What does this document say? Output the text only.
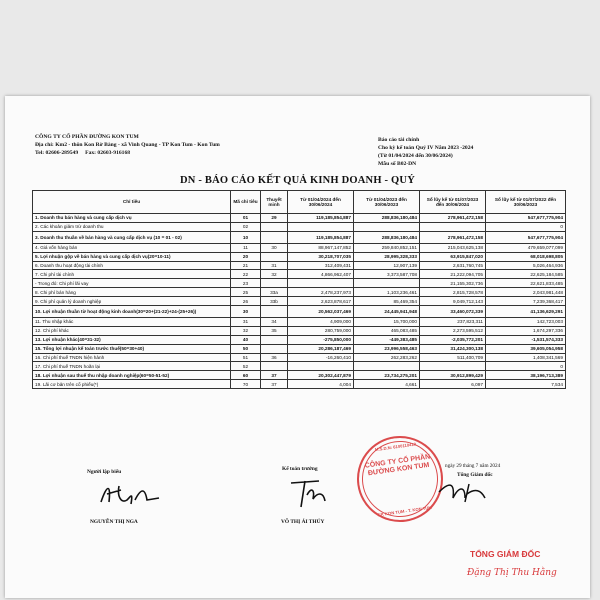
CÔNG TY CỔ PHẦN ĐƯỜNG KON TUM
Địa chỉ: Km2 - thôn Kon Rờ Bàng - xã Vinh Quang - TP Kon Tum - Kon Tum
Tel: 02606-289549 Fax: 02603-916168
Báo cáo tài chính
Cho kỳ kế toán Quý IV Năm 2023 -2024
(Từ 01/04/2024 đến 30/06/2024)
Mẫu số B02-DN
DN - BÁO CÁO KẾT QUẢ KINH DOANH - QUÝ
Chỉ tiêu	Mã chỉ tiêu	Thuyết minh	Từ 01/04/2024 đến 30/06/2024	Từ 01/04/2023 đến 30/06/2023	Số lũy kế từ 01/07/2023 đến 30/06/2024	Số lũy kế từ 01/07/2022 đến 30/06/2023
1. Doanh thu bán hàng và cung cấp dịch vụ	01	29	119,185,854,887	288,836,180,484	278,961,472,158	547,677,775,904
2. Các khoản giảm trừ doanh thu	02					0
3. Doanh thu thuần về bán hàng và cung cấp dịch vụ (10 = 01 - 02)	10		119,185,854,887	288,836,180,484	278,961,472,158	547,677,775,904
4. Giá vốn hàng bán	11	30	88,967,147,852	259,840,852,151	215,043,625,138	479,659,077,099
5. Lợi nhuận gộp về bán hàng và cung cấp dịch vụ(20=10-11)	20		30,218,707,035	28,995,328,333	63,915,847,020	68,018,698,805
6. Doanh thu hoạt động tài chính	21	31	312,409,431	12,907,139	2,631,760,745	5,026,464,936
7. Chi phí tài chính	22	32	4,866,962,407	3,373,587,708	21,222,094,705	22,625,184,585
- Trong đó: Chi phí lãi vay	23				21,155,302,736	22,621,833,485
8. Chi phí bán hàng	25	33a	2,478,237,973	1,103,236,461	2,815,728,578	2,043,981,448
9. Chi phí quản lý doanh nghiệp	26	33b	2,623,878,617	85,469,354	9,049,712,143	7,239,368,417
10. Lợi nhuận thuần từ hoạt động kinh doanh(30=20+(21-22)+24-(25+26))	30		20,562,037,469	24,445,941,948	33,460,072,339	41,136,629,291
11. Thu nhập khác	31	34	4,909,000	15,700,000	237,823,311	142,723,003
12. Chi phí khác	32	35	280,759,000	465,083,485	2,273,595,512	1,674,297,336
13. Lợi nhuận khác(40=31-32)	40		-275,850,000	-449,383,485	-2,035,772,201	-1,531,574,333
15. Tổng lợi nhuận kế toán trước thuế(50=30+40)	50		20,286,187,469	23,996,558,463	31,424,300,138	39,605,054,958
16. Chi phí thuế TNDN hiện hành	51	36	-16,260,410	262,283,262	511,400,709	1,408,341,569
17. Chi phí thuế TNDN hoãn lại	52					0
18. Lợi nhuận sau thuế thu nhập doanh nghiệp(60=50-51-52)	60	37	20,302,447,879	23,734,275,201	30,912,899,429	38,196,713,389
19. Lãi cơ bản trên cổ phiếu(*)	70	37	4,004	4,661	6,097	7,534
Người lập biểu
NGUYỄN THỊ NGA
Kế toán trưởng
VÕ THỊ ÁI THÚY
ngày 29 tháng 7 năm 2024
Tổng Giám đốc
M.S.D.N: 6100110410
CÔNG TY CỔ PHẦN ĐƯỜNG KON TUM
T.P. KON TUM - T. KON TUM
TỔNG GIÁM ĐỐC
Đặng Thị Thu Hằng
